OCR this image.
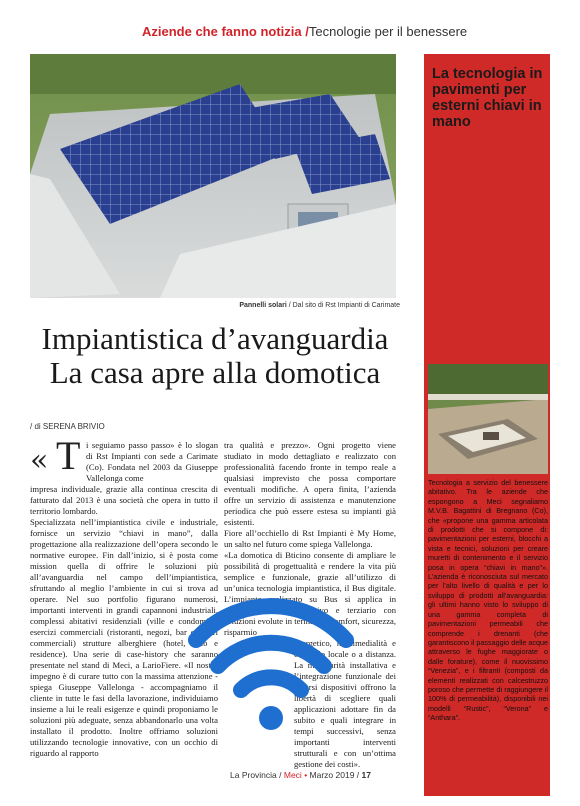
Aziende che fanno notizia /Tecnologie per il benessere
Pannelli solari / Dal sito di Rst Impianti di Carimate
Impiantistica d’avanguardia
La casa apre alla domotica
/ di SERENA BRIVIO
« T i seguiamo passo passo» è lo slogan di Rst Impianti con sede a Carimate (Co). Fondata nel 2003 da Giuseppe Vallelonga come

impresa individuale, grazie alla continua crescita di fatturato dal 2013 è una società che opera in tutto il territorio lombardo.

Specializzata nell’impiantistica civile e industriale, fornisce un servizio “chiavi in mano”, dalla progettazione alla realizzazione dell’opera secondo le normative europee. Fin dall’inizio, si è posta come mission quella di offrire le soluzioni più all’avanguardia nel campo dell’impiantistica, sfruttando al meglio l’ambiente in cui si trova ad operare. Nel suo portfolio figurano numerosi, importanti interventi in grandi capannoni industriali, complessi abitativi residenziali (ville e condomini) esercizi commerciali (ristoranti, negozi, bar e centri commerciali) strutture alberghiere (hotel, b&b e residence). Una serie di case-history che saranno presentate nel stand di Meci, a LarioFiere. «Il nostro impegno è di curare tutto con la massima attenzione - spiega Giuseppe Vallelonga - accompagniamo il cliente in tutte le fasi della lavorazione, individuiamo insieme a lui le reali esigenze e quindi proponiamo le soluzioni più adeguate, senza abbandonarlo una volta installato il prodotto. Inoltre offriamo soluzioni utilizzando tecnologie innovative, con un occhio di riguardo al rapporto

tra qualità e prezzo». Ogni progetto viene studiato in modo dettagliato e realizzato con professionalità facendo fronte in tempo reale a qualsiasi imprevisto che possa comportare eventuali modifiche. A opera finita, l’azienda offre un servizio di assistenza e manutenzione periodica che può essere estesa su impianti già esistenti.

Fiore all’occhiello di Rst Impianti è My Home, un salto nel futuro come spiega Vallelonga.

«La domotica di Bticino consente di ampliare le possibilità di progettualità e rendere la vita più semplice e funzionale, grazie all’utilizzo di un’unica tecnologia impiantistica, il Bus digitale. L’impianto realizzato su Bus si applica in qualsiasi contesto abitativo e terziario con soluzioni evolute in termini di comfort, sicurezza, risparmio

energetico, multimedialità e controllo locale o a distanza. La modularità installativa e l’integrazione funzionale dei diversi dispositivi offrono la libertà di scegliere quali applicazioni adottare fin da subito e quali integrare in tempi successivi, senza importanti interventi strutturali e con un’ottima gestione dei costi».

La tecnologia in pavimenti per esterni chiavi in mano
Tecnologia a servizio del benessere abitativo. Tra le aziende che espongono a Meci segnaliamo M.V.B. Bagattini di Bregnano (Co), che «propone una gamma articolata di prodotti che si compone di: pavimentazioni per esterni, blocchi a vista e tecnici, soluzioni per creare muretti di contenimento e il servizio posa in opera “chiavi in mano”». L’azienda è riconosciuta sul mercato per l’alto livello di qualità e per lo sviluppo di prodotti all’avanguardia: gli ultimi hanno visto lo sviluppo di una gamma completa di pavimentazioni permeabili che comprende i drenanti (che garantiscono il passaggio delle acque attraverso le fughe maggiorate o dalle forature), come il nuovissimo “Venezia”, e i filtranti (composti da elementi realizzati con calcestruzzo poroso che permette di raggiungere il 100% di permeabilità), disponibili nei modelli “Rustic”, “Verona” e “Anthara”.
La Provincia / Meci • Marzo 2019 / 17
